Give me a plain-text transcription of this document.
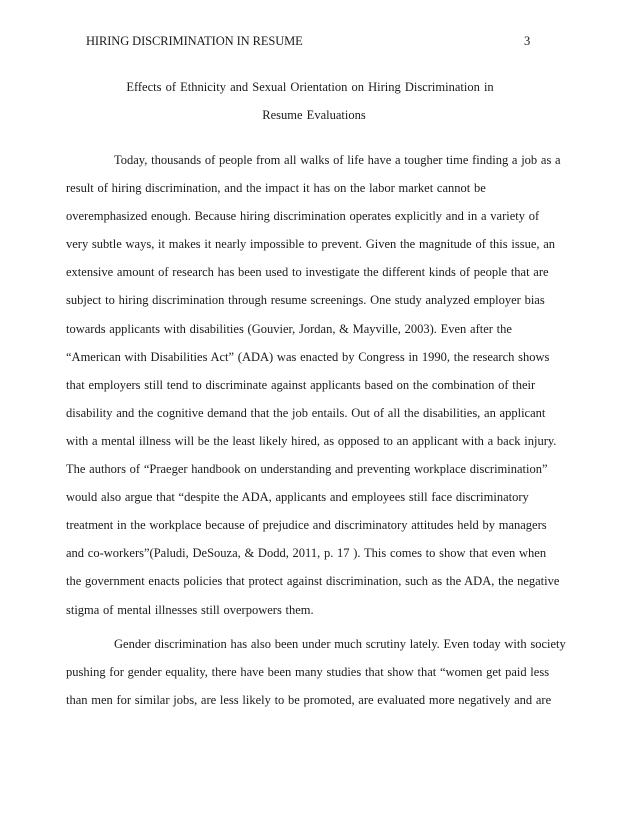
HIRING DISCRIMINATION IN RESUME	3
Effects of Ethnicity and Sexual Orientation on Hiring Discrimination in
Resume Evaluations
Today, thousands of people from all walks of life have a tougher time finding a job as a
result of hiring discrimination, and the impact it has on the labor market cannot be
overemphasized enough. Because hiring discrimination operates explicitly and in a variety of
very subtle ways, it makes it nearly impossible to prevent. Given the magnitude of this issue, an
extensive amount of research has been used to investigate the different kinds of people that are
subject to hiring discrimination through resume screenings. One study analyzed employer bias
towards applicants with disabilities (Gouvier, Jordan, & Mayville, 2003). Even after the
“American with Disabilities Act” (ADA) was enacted by Congress in 1990, the research shows
that employers still tend to discriminate against applicants based on the combination of their
disability and the cognitive demand that the job entails. Out of all the disabilities, an applicant
with a mental illness will be the least likely hired, as opposed to an applicant with a back injury.
The authors of “Praeger handbook on understanding and preventing workplace discrimination”
would also argue that “despite the ADA, applicants and employees still face discriminatory
treatment in the workplace because of prejudice and discriminatory attitudes held by managers
and co-workers”(Paludi, DeSouza, & Dodd, 2011, p. 17 ). This comes to show that even when
the government enacts policies that protect against discrimination, such as the ADA, the negative
stigma of mental illnesses still overpowers them.
Gender discrimination has also been under much scrutiny lately. Even today with society
pushing for gender equality, there have been many studies that show that “women get paid less
than men for similar jobs, are less likely to be promoted, are evaluated more negatively and are
